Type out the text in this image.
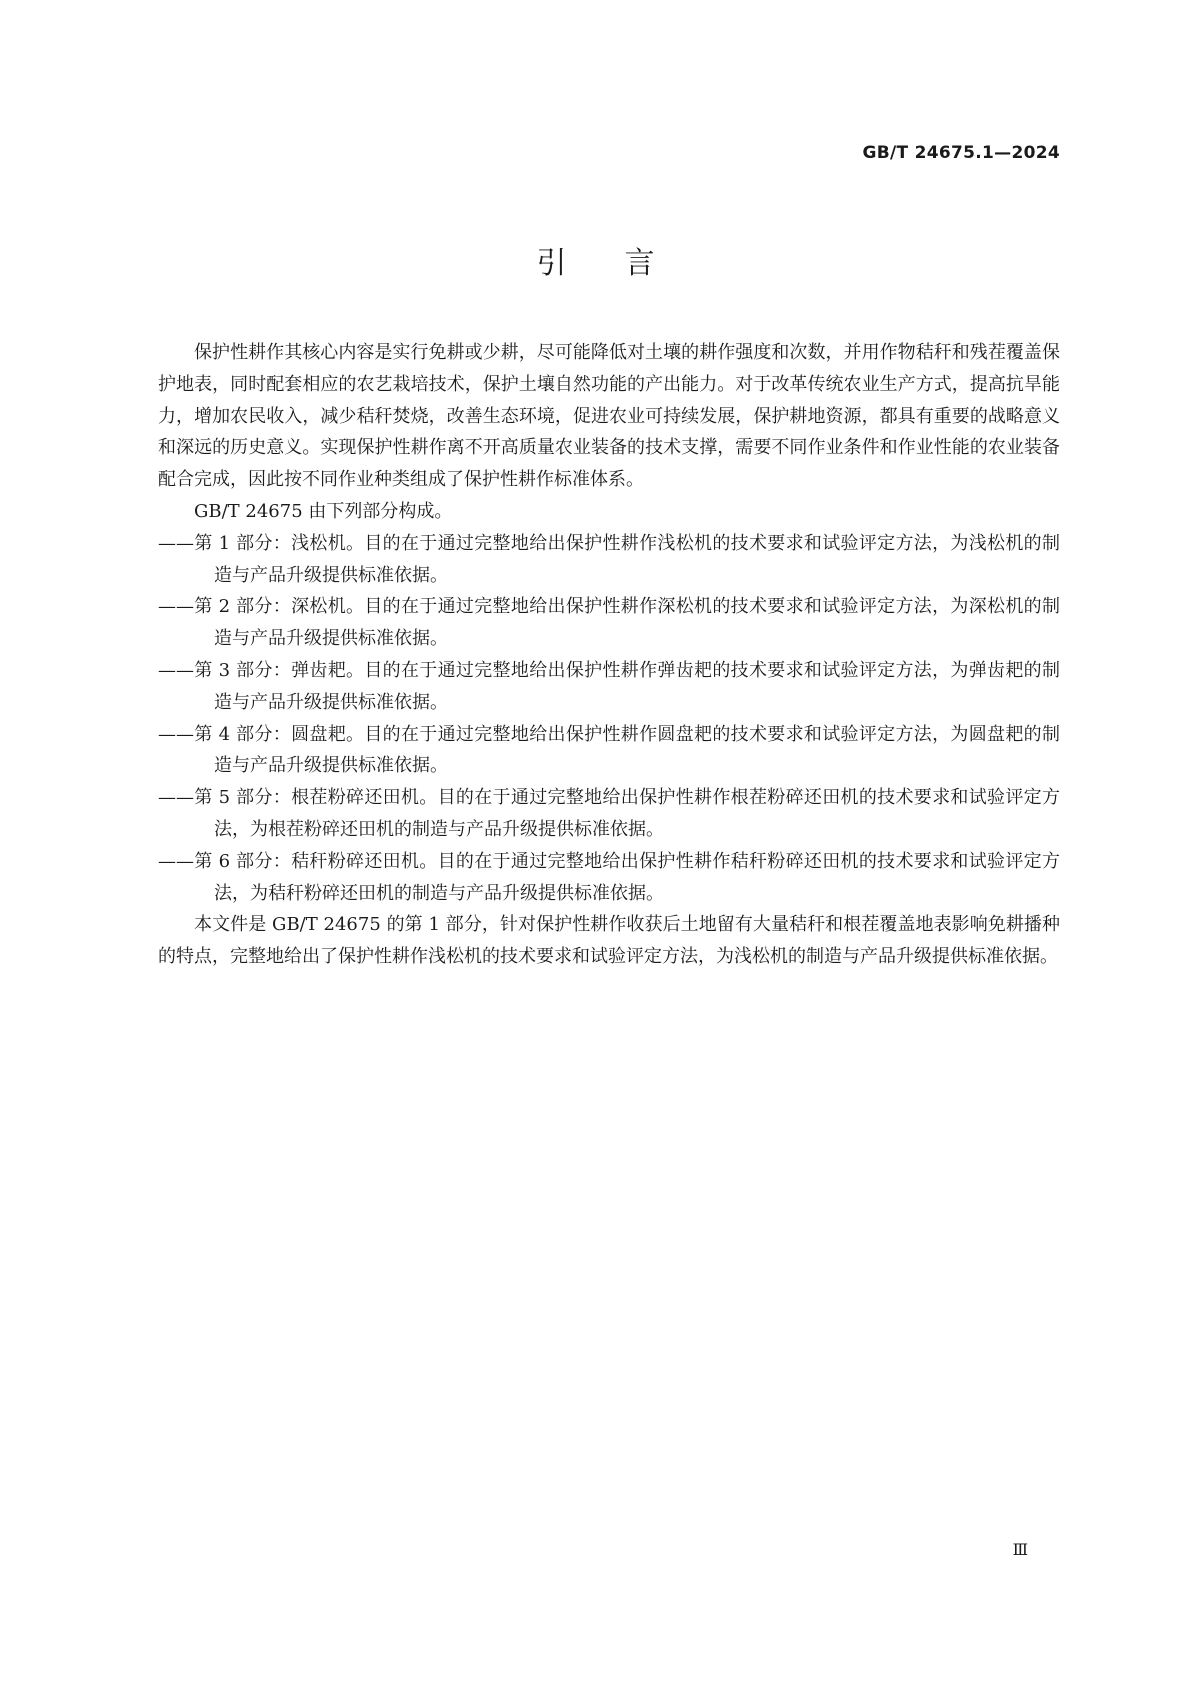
GB/T 24675.1—2024
引言

保护性耕作其核心内容是实行免耕或少耕，尽可能降低对土壤的耕作强度和次数，并用作物秸秆和残茬覆盖保护地表，同时配套相应的农艺栽培技术，保护土壤自然功能的产出能力。对于改革传统农业生产方式，提高抗旱能力，增加农民收入，减少秸秆焚烧，改善生态环境，促进农业可持续发展，保护耕地资源，都具有重要的战略意义和深远的历史意义。实现保护性耕作离不开高质量农业装备的技术支撑，需要不同作业条件和作业性能的农业装备配合完成，因此按不同作业种类组成了保护性耕作标准体系。

GB/T 24675 由下列部分构成。

——第 1 部分：浅松机。目的在于通过完整地给出保护性耕作浅松机的技术要求和试验评定方法，为浅松机的制造与产品升级提供标准依据。

——第 2 部分：深松机。目的在于通过完整地给出保护性耕作深松机的技术要求和试验评定方法，为深松机的制造与产品升级提供标准依据。

——第 3 部分：弹齿耙。目的在于通过完整地给出保护性耕作弹齿耙的技术要求和试验评定方法，为弹齿耙的制造与产品升级提供标准依据。

——第 4 部分：圆盘耙。目的在于通过完整地给出保护性耕作圆盘耙的技术要求和试验评定方法，为圆盘耙的制造与产品升级提供标准依据。

——第 5 部分：根茬粉碎还田机。目的在于通过完整地给出保护性耕作根茬粉碎还田机的技术要求和试验评定方法，为根茬粉碎还田机的制造与产品升级提供标准依据。

——第 6 部分：秸秆粉碎还田机。目的在于通过完整地给出保护性耕作秸秆粉碎还田机的技术要求和试验评定方法，为秸秆粉碎还田机的制造与产品升级提供标准依据。

本文件是 GB/T 24675 的第 1 部分，针对保护性耕作收获后土地留有大量秸秆和根茬覆盖地表影响免耕播种的特点，完整地给出了保护性耕作浅松机的技术要求和试验评定方法，为浅松机的制造与产品升级提供标准依据。

Ⅲ
